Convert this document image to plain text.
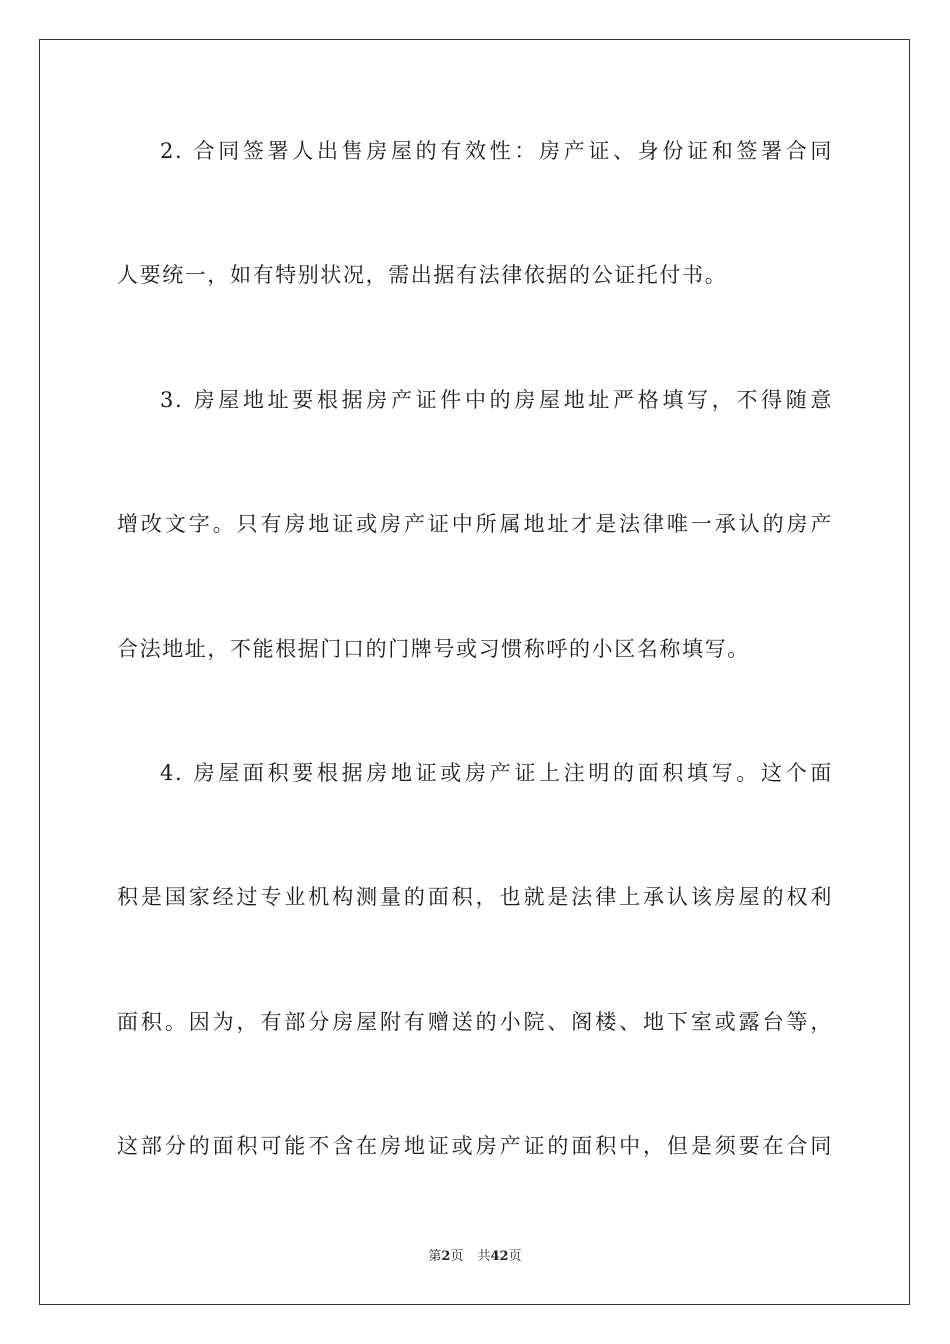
2. 合同签署人出售房屋的有效性：房产证、身份证和签署合同
人要统一，如有特别状况，需出据有法律依据的公证托付书。
3. 房屋地址要根据房产证件中的房屋地址严格填写，不得随意
增改文字。只有房地证或房产证中所属地址才是法律唯一承认的房产
合法地址，不能根据门口的门牌号或习惯称呼的小区名称填写。
4. 房屋面积要根据房地证或房产证上注明的面积填写。这个面
积是国家经过专业机构测量的面积，也就是法律上承认该房屋的权利
面积。因为，有部分房屋附有赠送的小院、阁楼、地下室或露台等，
这部分的面积可能不含在房地证或房产证的面积中，但是须要在合同
第2页 共42页
